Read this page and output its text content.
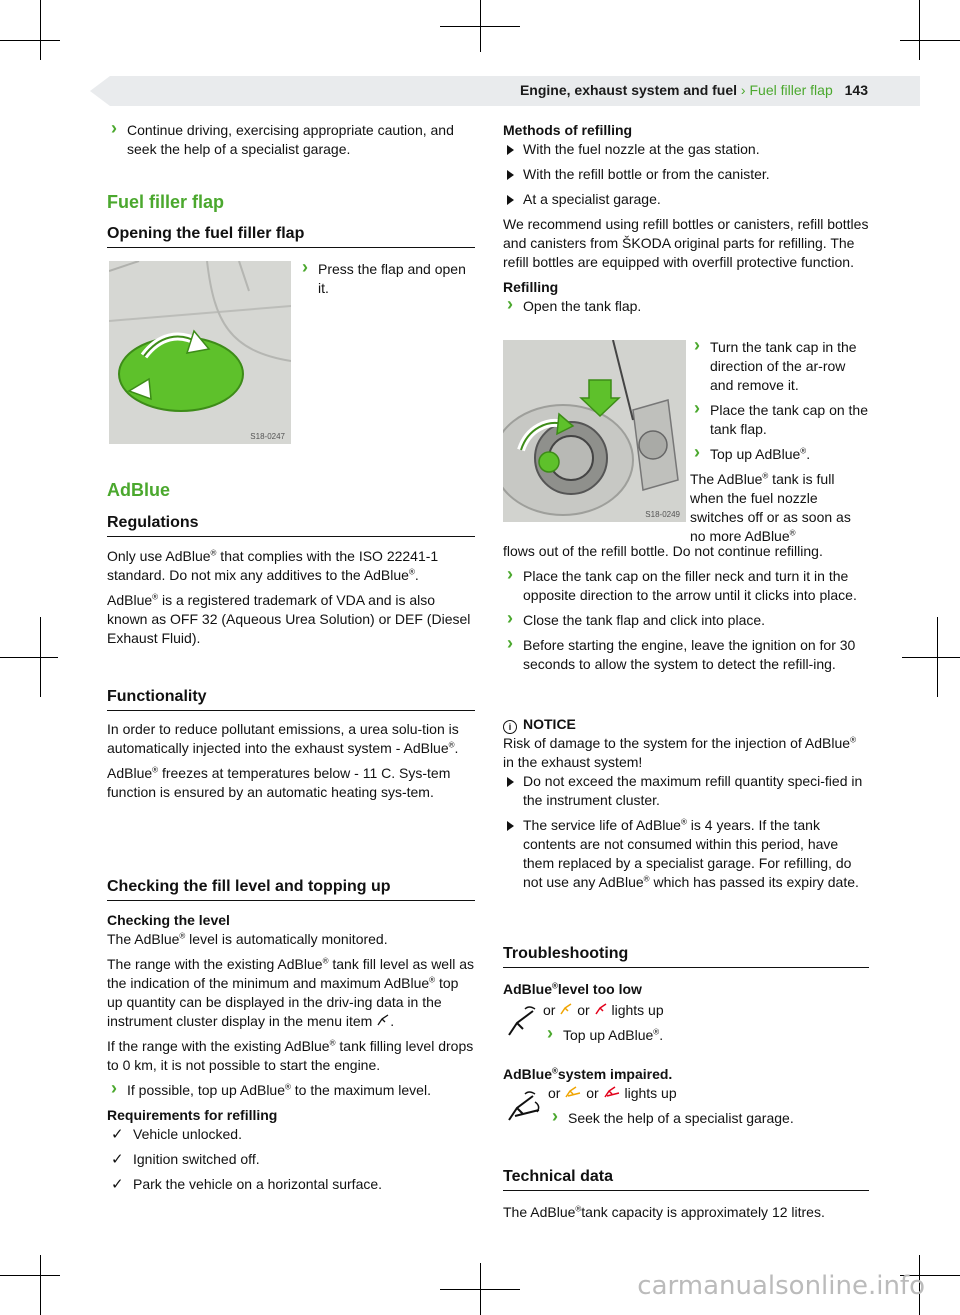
Engine, exhaust system and fuel › Fuel filler flap 143

› Continue driving, exercising appropriate caution, and seek the help of a specialist garage.

Fuel filler flap
Opening the fuel filler flap
S18-0247

› Press the flap and open it.

AdBlue
Regulations

Only use AdBlue® that complies with the ISO 22241-1 standard. Do not mix any additives to the AdBlue®.

AdBlue® is a registered trademark of VDA and is also known as OFF 32 (Aqueous Urea Solution) or DEF (Diesel Exhaust Fluid).

Functionality

In order to reduce pollutant emissions, a urea solu-tion is automatically injected into the exhaust system - AdBlue®.

AdBlue® freezes at temperatures below - 11 C. Sys-tem function is ensured by an automatic heating sys-tem.

Checking the fill level and topping up

Checking the level

The AdBlue® level is automatically monitored.

The range with the existing AdBlue® tank fill level as well as the indication of the minimum and maximum AdBlue® top up quantity can be displayed in the driv-ing data in the instrument cluster display in the menu item .

If the range with the existing AdBlue® tank filling level drops to 0 km, it is not possible to start the engine.

› If possible, top up AdBlue® to the maximum level.

Requirements for refilling

✓ Vehicle unlocked.

✓ Ignition switched off.

✓ Park the vehicle on a horizontal surface.

Methods of refilling

With the fuel nozzle at the gas station.

With the refill bottle or from the canister.

At a specialist garage.

We recommend using refill bottles or canisters, refill bottles and canisters from ŠKODA original parts for refilling. The refill bottles are equipped with overfill protective function.

Refilling

› Open the tank flap.

S18-0249

› Turn the tank cap in the direction of the ar-row and remove it.

› Place the tank cap on the tank flap.

› Top up AdBlue®.

The AdBlue® tank is full when the fuel nozzle switches off or as soon as no more AdBlue®

flows out of the refill bottle. Do not continue refilling.

› Place the tank cap on the filler neck and turn it in the opposite direction to the arrow until it clicks into place.

› Close the tank flap and click into place.

› Before starting the engine, leave the ignition on for 30 seconds to allow the system to detect the refill-ing.

i NOTICE

Risk of damage to the system for the injection of AdBlue® in the exhaust system!

Do not exceed the maximum refill quantity speci-fied in the instrument cluster.

The service life of AdBlue® is 4 years. If the tank contents are not consumed within this period, have them replaced by a specialist garage. For refilling, do not use any AdBlue® which has passed its expiry date.

Troubleshooting

AdBlue®level too low

or or lights up

› Top up AdBlue®.

AdBlue®system impaired.

or or lights up

› Seek the help of a specialist garage.

Technical data

The AdBlue®tank capacity is approximately 12 litres.

carmanualsonline.info
